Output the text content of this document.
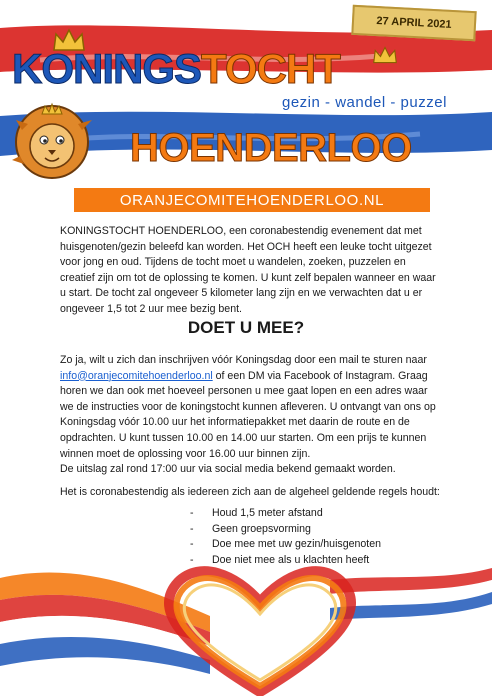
27 APRIL 2021
KONINGSTOCHT
gezin - wandel - puzzel
HOENDERLOO
ORANJECOMITEHOENDERLOO.NL

KONINGSTOCHT HOENDERLOO, een coronabestendig evenement dat met huisgenoten/gezin beleefd kan worden. Het OCH heeft een leuke tocht uitgezet voor jong en oud. Tijdens de tocht moet u wandelen, zoeken, puzzelen en creatief zijn om tot de oplossing te komen. U kunt zelf bepalen wanneer en waar u start. De tocht zal ongeveer 5 kilometer lang zijn en we verwachten dat u er ongeveer 1,5 tot 2 uur mee bezig bent.

DOET U MEE?

Zo ja, wilt u zich dan inschrijven vóór Koningsdag door een mail te sturen naar info@oranjecomitehoenderloo.nl of een DM via Facebook of Instagram. Graag horen we dan ook met hoeveel personen u mee gaat lopen en een adres waar we de instructies voor de koningstocht kunnen afleveren. U ontvangt van ons op Koningsdag vóór 10.00 uur het informatiepakket met daarin de route en de opdrachten. U kunt tussen 10.00 en 14.00 uur starten. Om een prijs te kunnen winnen moet de oplossing voor 16.00 uur binnen zijn.
De uitslag zal rond 17:00 uur via social media bekend gemaakt worden.

Het is coronabestendig als iedereen zich aan de algeheel geldende regels houdt:

-	Houd 1,5 meter afstand
-	Geen groepsvorming
-	Doe mee met uw gezin/huisgenoten
-	Doe niet mee als u klachten heeft
